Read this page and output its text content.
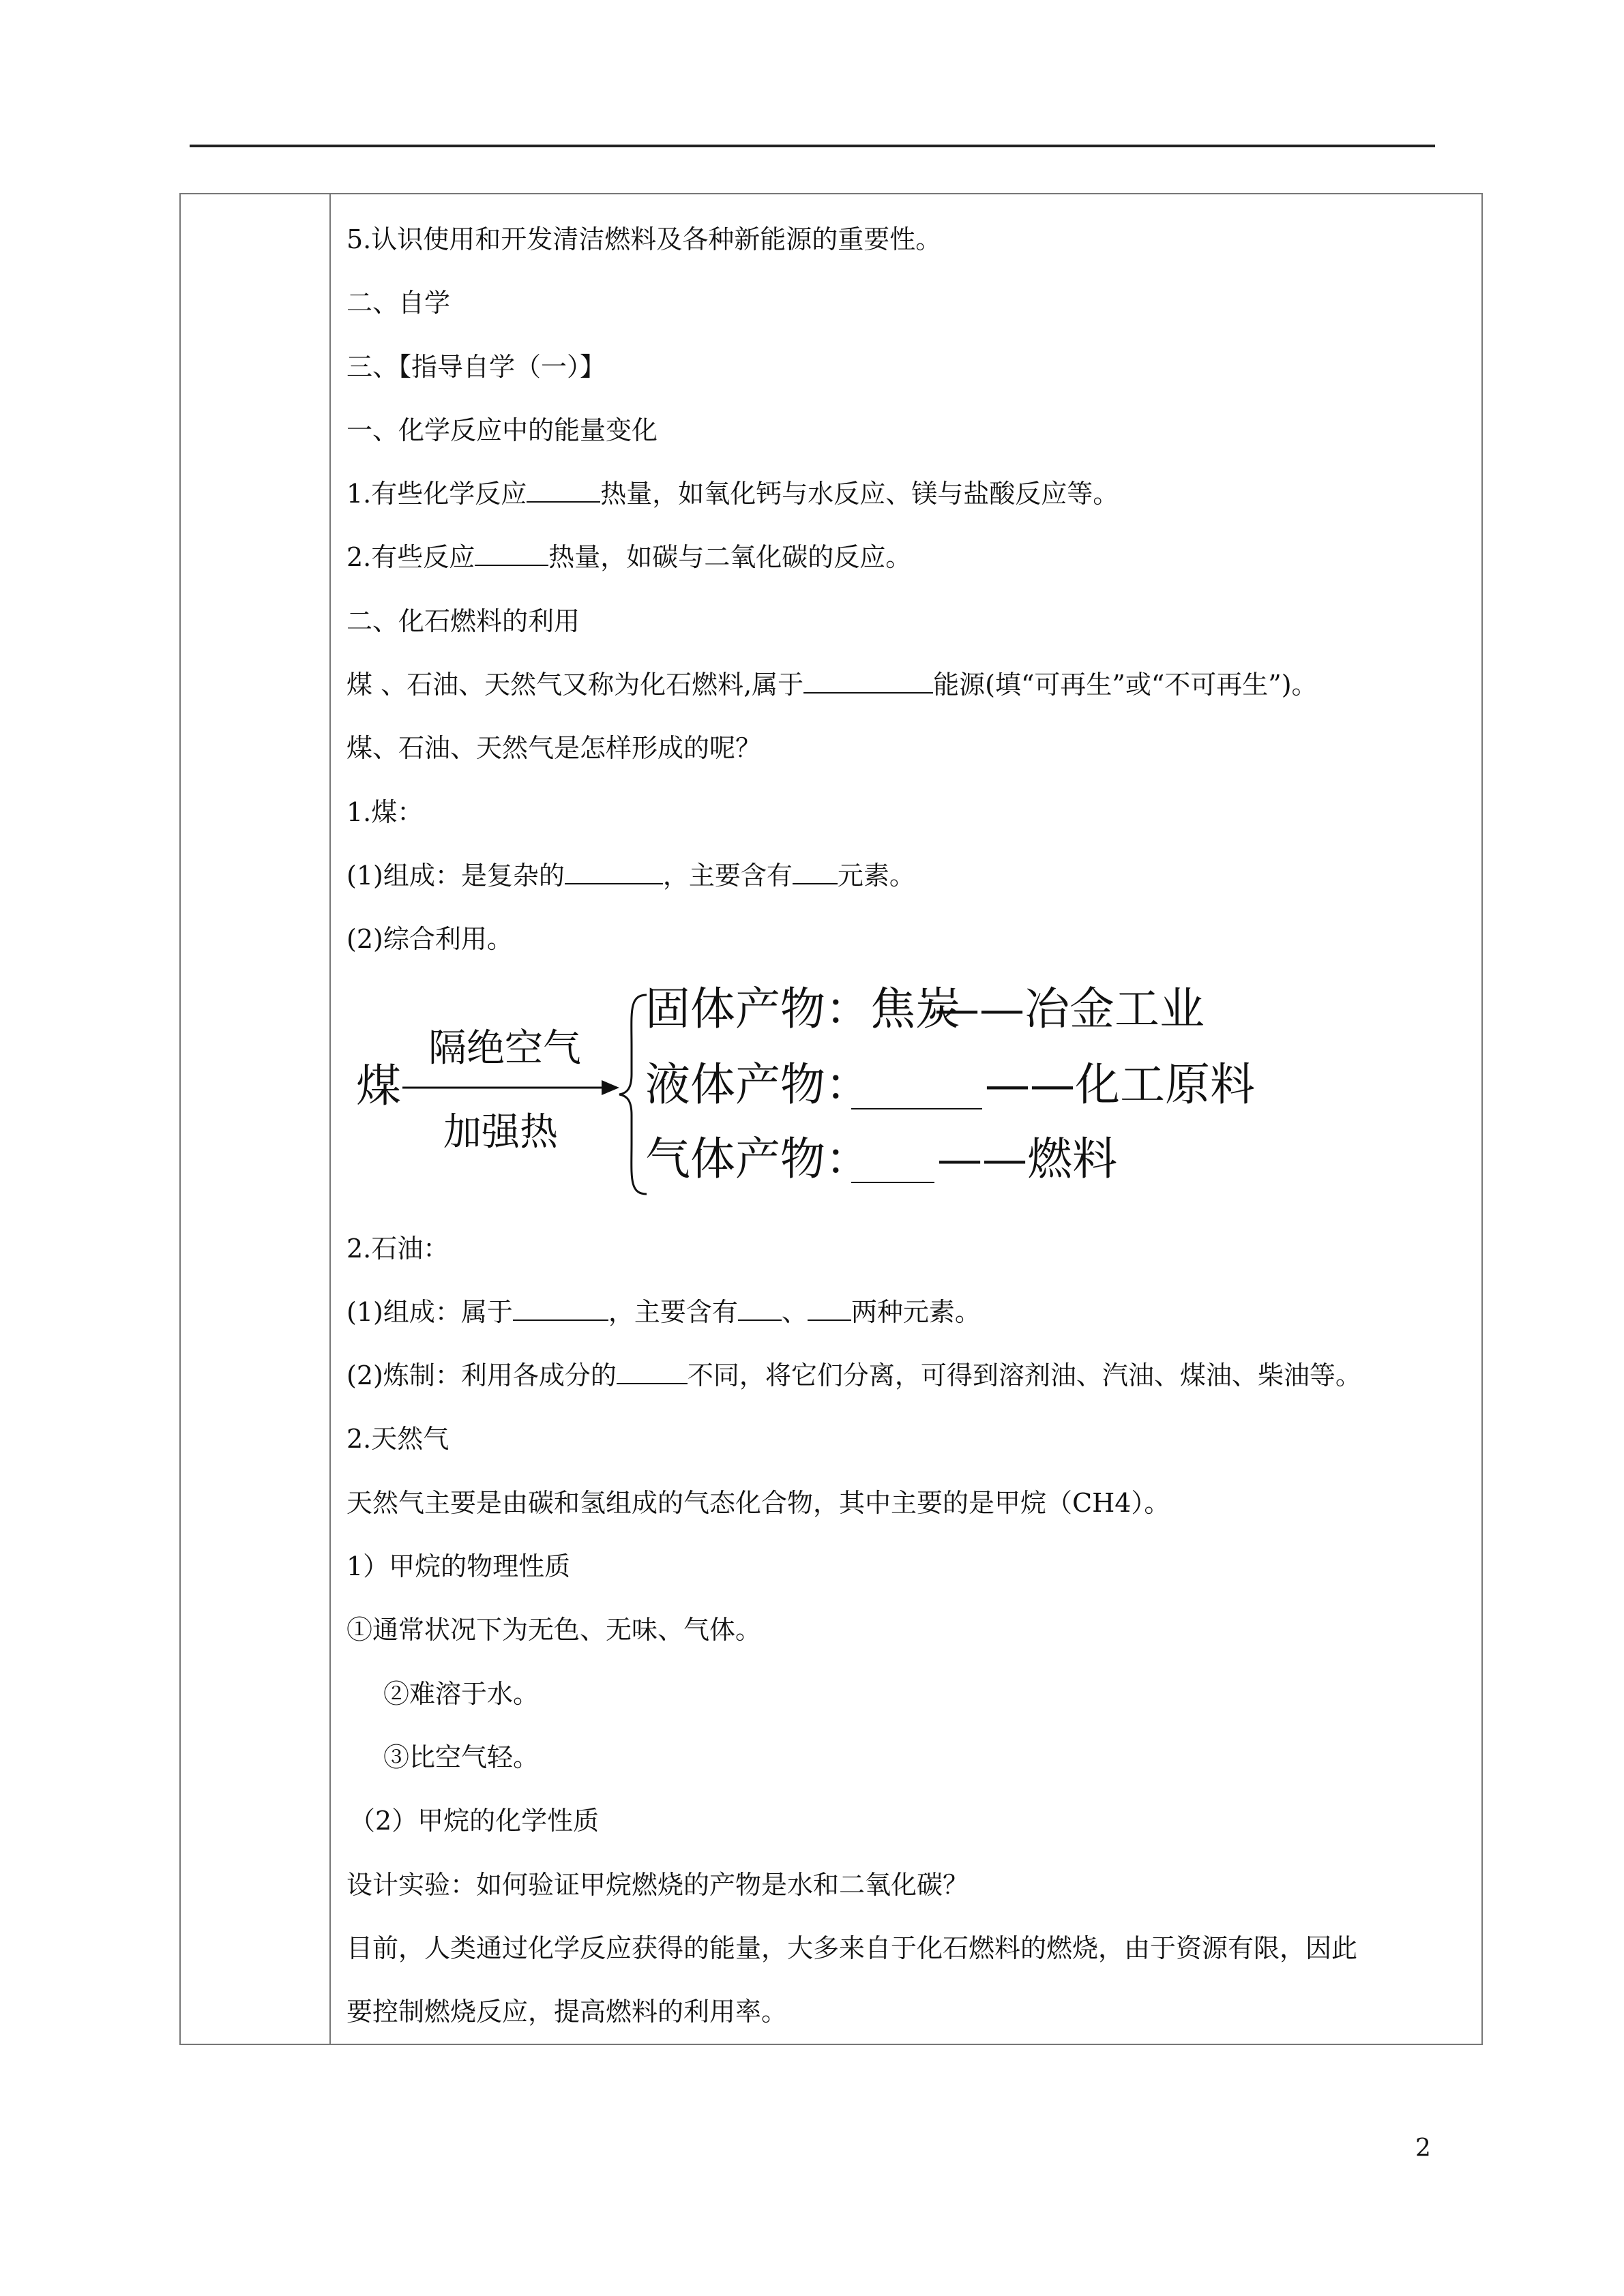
5.认识使用和开发清洁燃料及各种新能源的重要性。
二、自学
三、【指导自学（一）】
一、化学反应中的能量变化
1.有些化学反应	热量，如氧化钙与水反应、镁与盐酸反应等。
2.有些反应	热量，如碳与二氧化碳的反应。
二、化石燃料的利用
煤 、石油、天然气又称为化石燃料,属于	能源(填“可再生”或“不可再生”)。
煤、石油、天然气是怎样形成的呢？
1.煤：
(1)组成：是复杂的	，主要含有 元素。
(2)综合利用。
煤
隔绝空气
加强热
固体产物：焦炭
——冶金工业
液体产物：	——化工原料
气体产物： ——燃料
2.石油：
(1)组成：属于	，主要含有 、 两种元素。
(2)炼制：利用各成分的	不同，将它们分离，可得到溶剂油、汽油、煤油、柴油等。
2.天然气
天然气主要是由碳和氢组成的气态化合物，其中主要的是甲烷（CH4）。
1）甲烷的物理性质
①通常状况下为无色、无味、气体。
②难溶于水。
③比空气轻。
（2）甲烷的化学性质
设计实验：如何验证甲烷燃烧的产物是水和二氧化碳？
目前，人类通过化学反应获得的能量，大多来自于化石燃料的燃烧，由于资源有限，因此
要控制燃烧反应，提高燃料的利用率。
2
